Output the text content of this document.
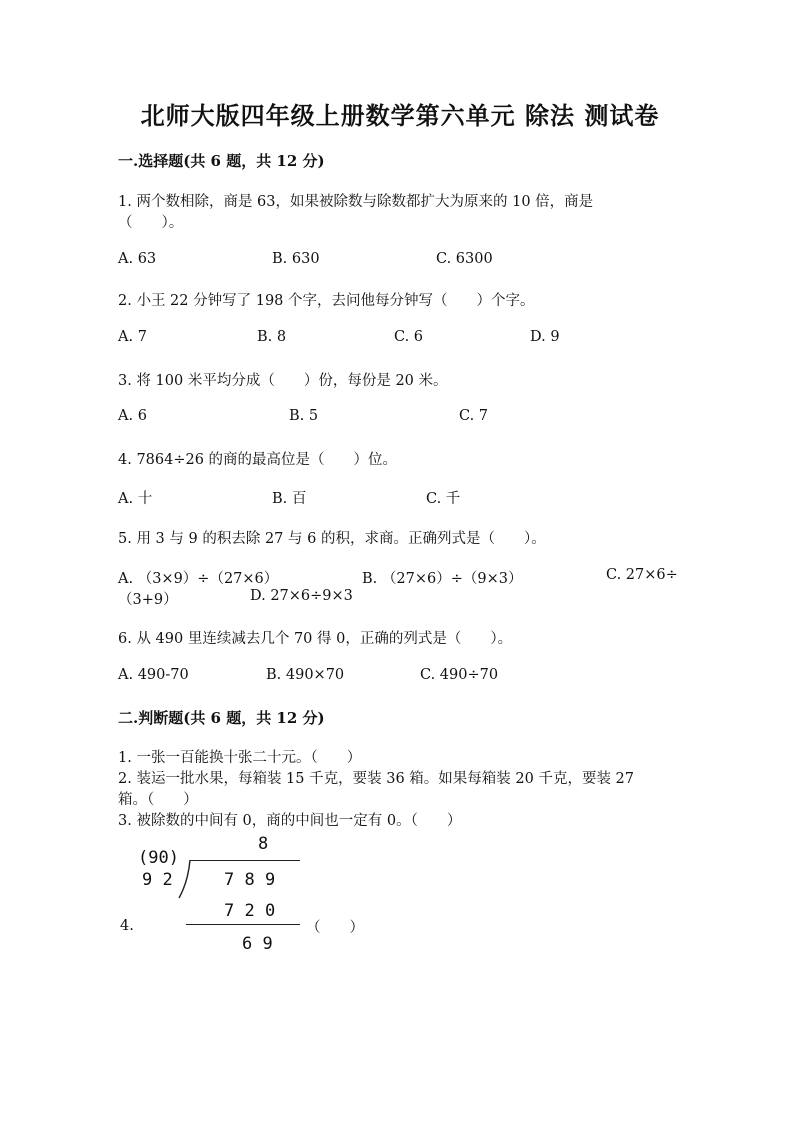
北师大版四年级上册数学第六单元 除法 测试卷
一.选择题(共 6 题，共 12 分)
1. 两个数相除，商是 63，如果被除数与除数都扩大为原来的 10 倍，商是
（　　）。
A. 63	B. 630	C. 6300
2. 小王 22 分钟写了 198 个字，去问他每分钟写（　　）个字。
A. 7	B. 8	C. 6	D. 9
3. 将 100 米平均分成（　　）份，每份是 20 米。
A. 6	B. 5	C. 7
4. 7864÷26 的商的最高位是（　　）位。
A. 十	B. 百	C. 千
5. 用 3 与 9 的积去除 27 与 6 的积，求商。正确列式是（　　）。
A. （3×9）÷（27×6）	B. （27×6）÷（9×3）	C. 27×6÷
（3+9）	D. 27×6÷9×3
6. 从 490 里连续减去几个 70 得 0，正确的列式是（　　）。
A. 490-70	B. 490×70	C. 490÷70
二.判断题(共 6 题，共 12 分)
1. 一张一百能换十张二十元。（　　）
2. 装运一批水果，每箱装 15 千克，要装 36 箱。如果每箱装 20 千克，要装 27
箱。（　　）
3. 被除数的中间有 0，商的中间也一定有 0。（　　）
8
(90)
9 2	7 8 9
7 2 0
6 9
4.	（　　）
